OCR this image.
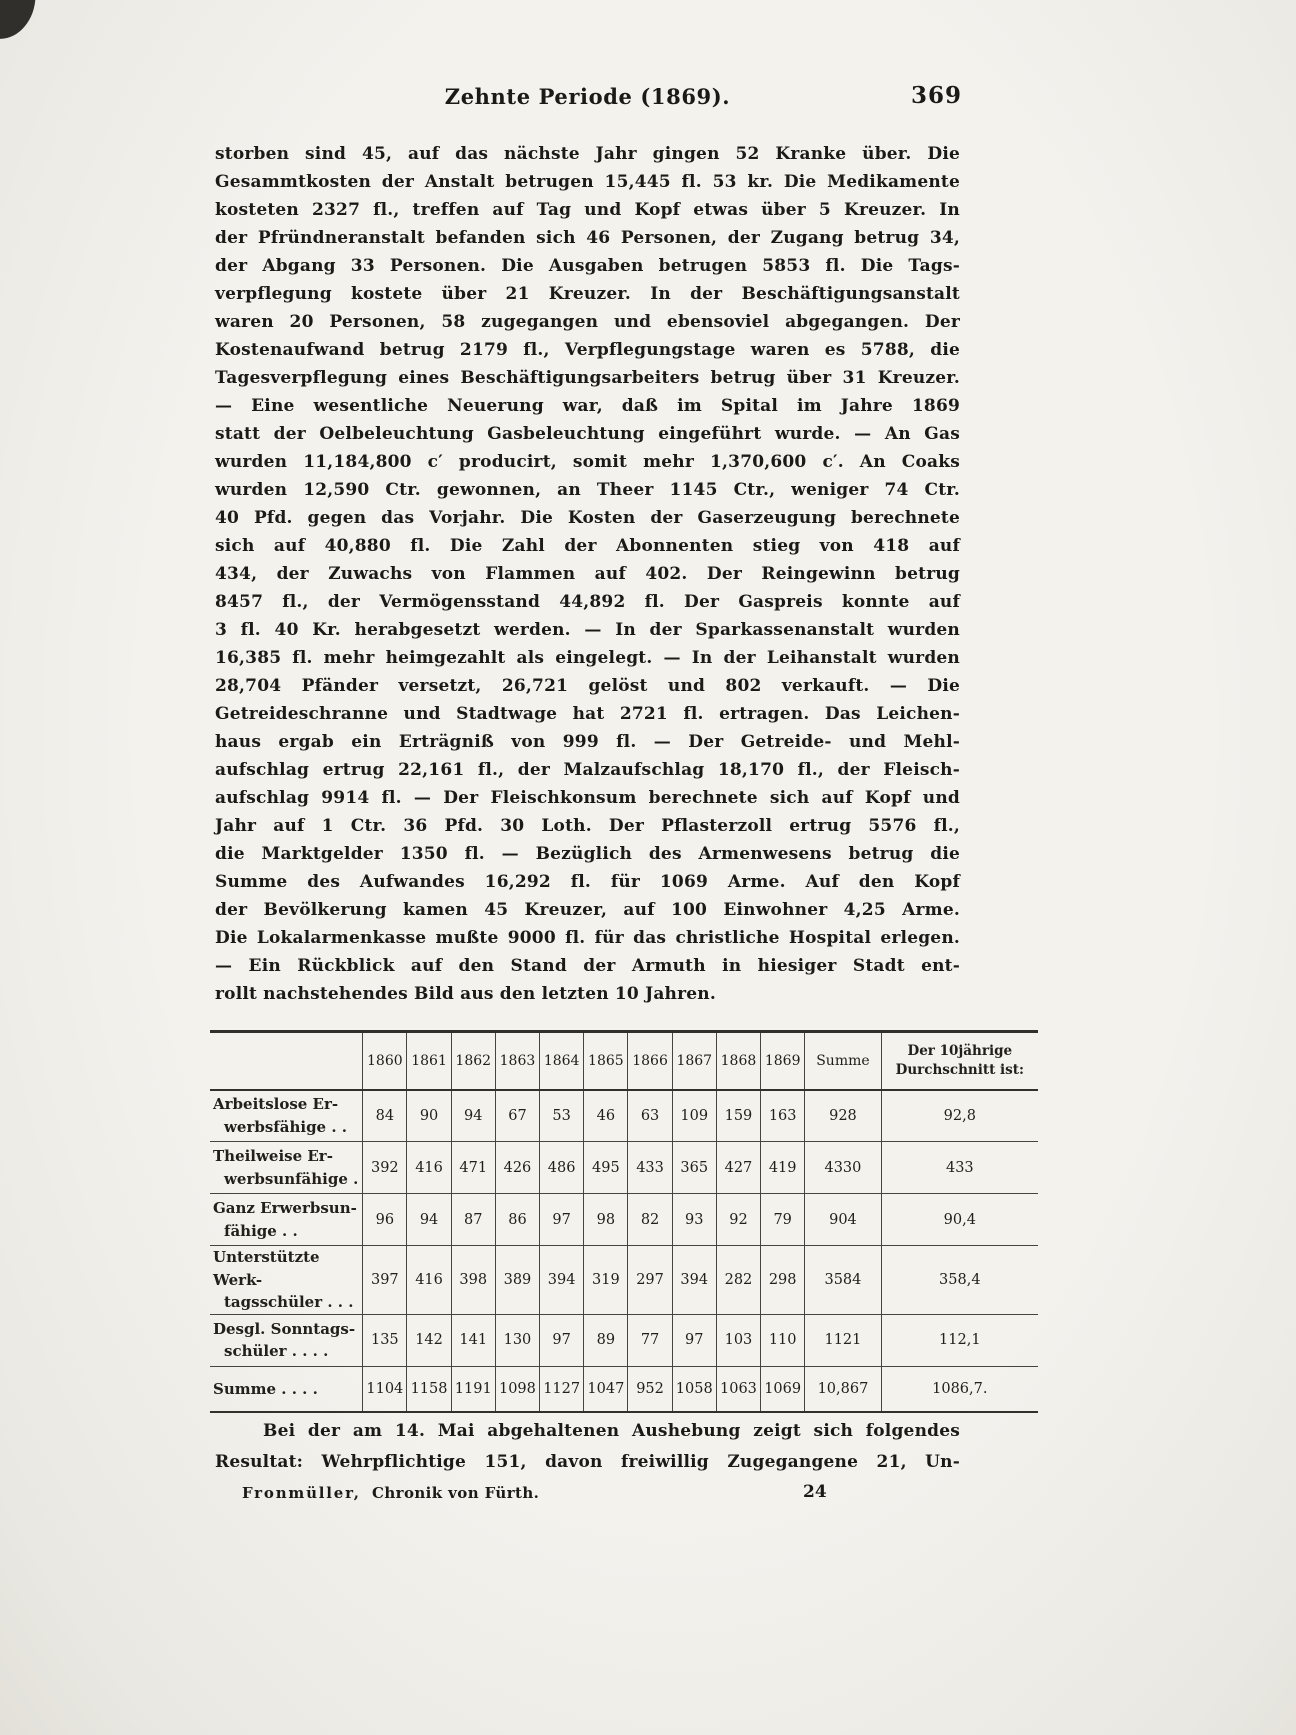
Zehnte Periode (1869).	369
storben sind 45, auf das nächste Jahr gingen 52 Kranke über. Die
Gesammtkosten der Anstalt betrugen 15,445 fl. 53 kr. Die Medikamente
kosteten 2327 fl., treffen auf Tag und Kopf etwas über 5 Kreuzer. In
der Pfründneranstalt befanden sich 46 Personen, der Zugang betrug 34,
der Abgang 33 Personen. Die Ausgaben betrugen 5853 fl. Die Tags-
verpflegung kostete über 21 Kreuzer. In der Beschäftigungsanstalt
waren 20 Personen, 58 zugegangen und ebensoviel abgegangen. Der
Kostenaufwand betrug 2179 fl., Verpflegungstage waren es 5788, die
Tagesverpflegung eines Beschäftigungsarbeiters betrug über 31 Kreuzer.
— Eine wesentliche Neuerung war, daß im Spital im Jahre 1869
statt der Oelbeleuchtung Gasbeleuchtung eingeführt wurde. — An Gas
wurden 11,184,800 c′ producirt, somit mehr 1,370,600 c′. An Coaks
wurden 12,590 Ctr. gewonnen, an Theer 1145 Ctr., weniger 74 Ctr.
40 Pfd. gegen das Vorjahr. Die Kosten der Gaserzeugung berechnete
sich auf 40,880 fl. Die Zahl der Abonnenten stieg von 418 auf
434, der Zuwachs von Flammen auf 402. Der Reingewinn betrug
8457 fl., der Vermögensstand 44,892 fl. Der Gaspreis konnte auf
3 fl. 40 Kr. herabgesetzt werden. — In der Sparkassenanstalt wurden
16,385 fl. mehr heimgezahlt als eingelegt. — In der Leihanstalt wurden
28,704 Pfänder versetzt, 26,721 gelöst und 802 verkauft. — Die
Getreideschranne und Stadtwage hat 2721 fl. ertragen. Das Leichen-
haus ergab ein Erträgniß von 999 fl. — Der Getreide- und Mehl-
aufschlag ertrug 22,161 fl., der Malzaufschlag 18,170 fl., der Fleisch-
aufschlag 9914 fl. — Der Fleischkonsum berechnete sich auf Kopf und
Jahr auf 1 Ctr. 36 Pfd. 30 Loth. Der Pflasterzoll ertrug 5576 fl.,
die Marktgelder 1350 fl. — Bezüglich des Armenwesens betrug die
Summe des Aufwandes 16,292 fl. für 1069 Arme. Auf den Kopf
der Bevölkerung kamen 45 Kreuzer, auf 100 Einwohner 4,25 Arme.
Die Lokalarmenkasse mußte 9000 fl. für das christliche Hospital erlegen.
— Ein Rückblick auf den Stand der Armuth in hiesiger Stadt ent-
rollt nachstehendes Bild aus den letzten 10 Jahren.
	1860	1861	1862	1863	1864	1865	1866	1867	1868	1869	Summe	Der 10jährige
Durchschnitt ist:

Arbeitslose Er-
werbsfähige . .	84	90	94	67	53	46	63	109	159	163	928	92,8

Theilweise Er-
werbsunfähige .	392	416	471	426	486	495	433	365	427	419	4330	433

Ganz Erwerbsun-
fähige . .	96	94	87	86	97	98	82	93	92	79	904	90,4

Unterstützte Werk-
tagsschüler . . .	397	416	398	389	394	319	297	394	282	298	3584	358,4

Desgl. Sonntags-
schüler . . . .	135	142	141	130	97	89	77	97	103	110	1121	112,1

Summe . . . .	1104	1158	1191	1098	1127	1047	952	1058	1063	1069	10,867	1086,7.
Bei der am 14. Mai abgehaltenen Aushebung zeigt sich folgendes
Resultat: Wehrpflichtige 151, davon freiwillig Zugegangene 21, Un-
Fronmüller, Chronik von Fürth.	24
